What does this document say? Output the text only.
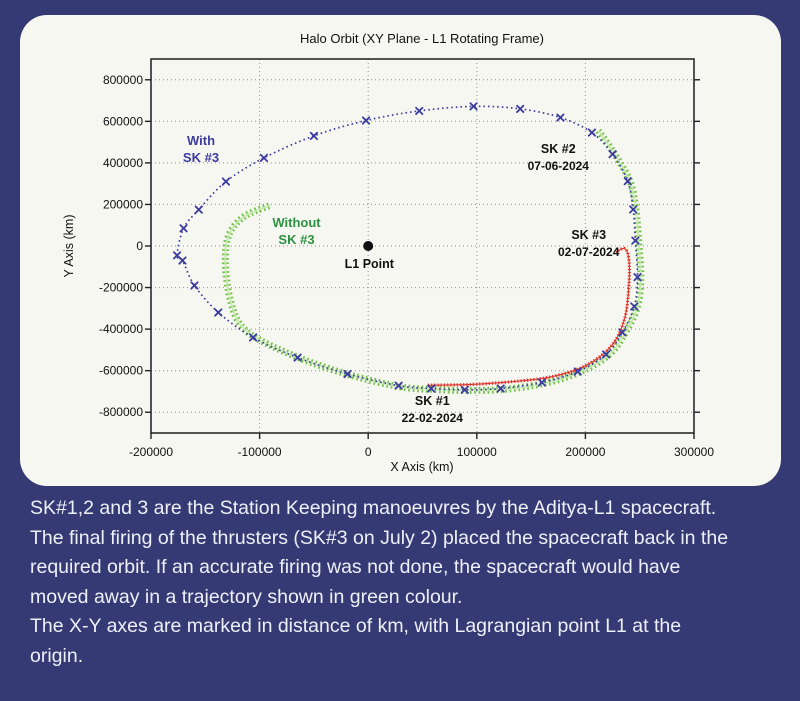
-200000	-100000	0	100000	200000	300000
800000
600000
400000
200000
0
-200000
-400000
-600000
-800000
With
SK #3
Without
SK #3
SK #2
07-06-2024
SK #3
02-07-2024
SK #1
22-02-2024
L1 Point
Halo Orbit (XY Plane - L1 Rotating Frame)
X Axis (km)
Y Axis (km)
SK#1,2 and 3 are the Station Keeping manoeuvres by the Aditya-L1 spacecraft.
The final firing of the thrusters (SK#3 on July 2) placed the spacecraft back in the
required orbit. If an accurate firing was not done, the spacecraft would have
moved away in a trajectory shown in green colour.
The X-Y axes are marked in distance of km, with Lagrangian point L1 at the
origin.
